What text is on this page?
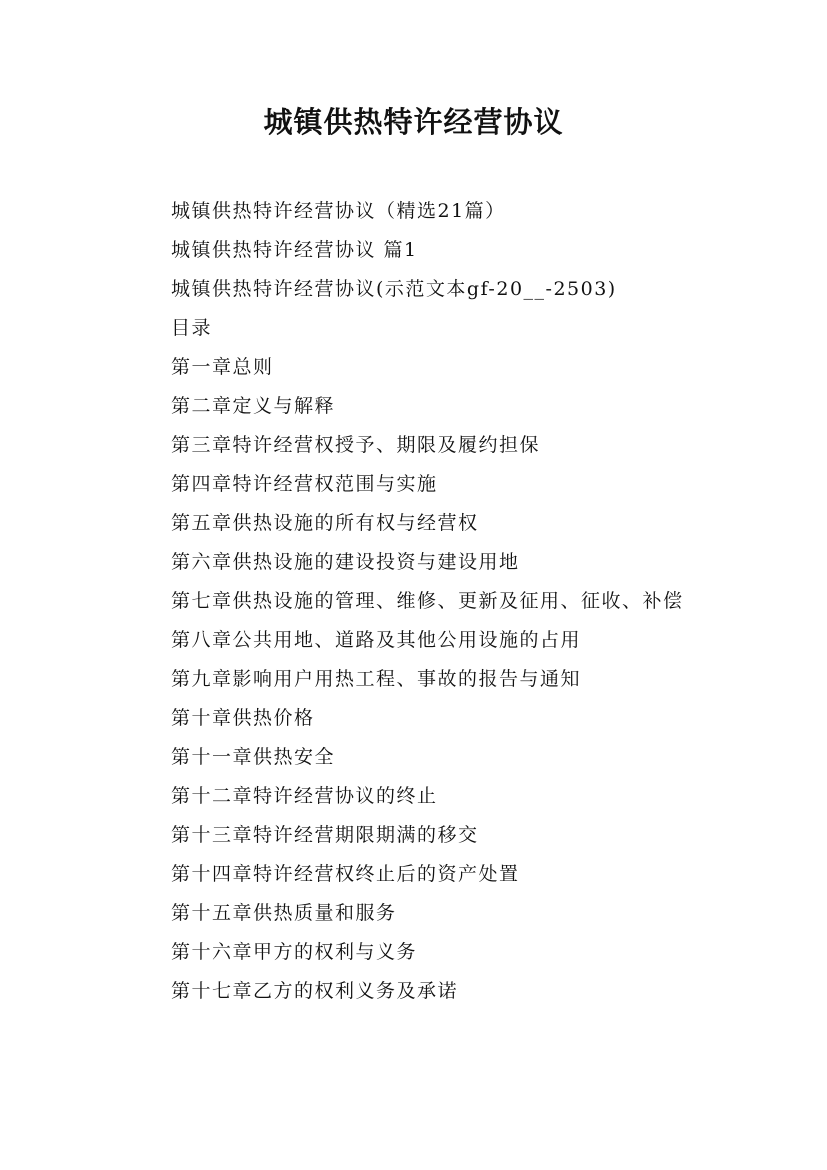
城镇供热特许经营协议

城镇供热特许经营协议（精选21篇）

城镇供热特许经营协议 篇1

城镇供热特许经营协议(示范文本gf-20__-2503)

目录

第一章总则

第二章定义与解释

第三章特许经营权授予、期限及履约担保

第四章特许经营权范围与实施

第五章供热设施的所有权与经营权

第六章供热设施的建设投资与建设用地

第七章供热设施的管理、维修、更新及征用、征收、补偿

第八章公共用地、道路及其他公用设施的占用

第九章影响用户用热工程、事故的报告与通知

第十章供热价格

第十一章供热安全

第十二章特许经营协议的终止

第十三章特许经营期限期满的移交

第十四章特许经营权终止后的资产处置

第十五章供热质量和服务

第十六章甲方的权利与义务

第十七章乙方的权利义务及承诺
